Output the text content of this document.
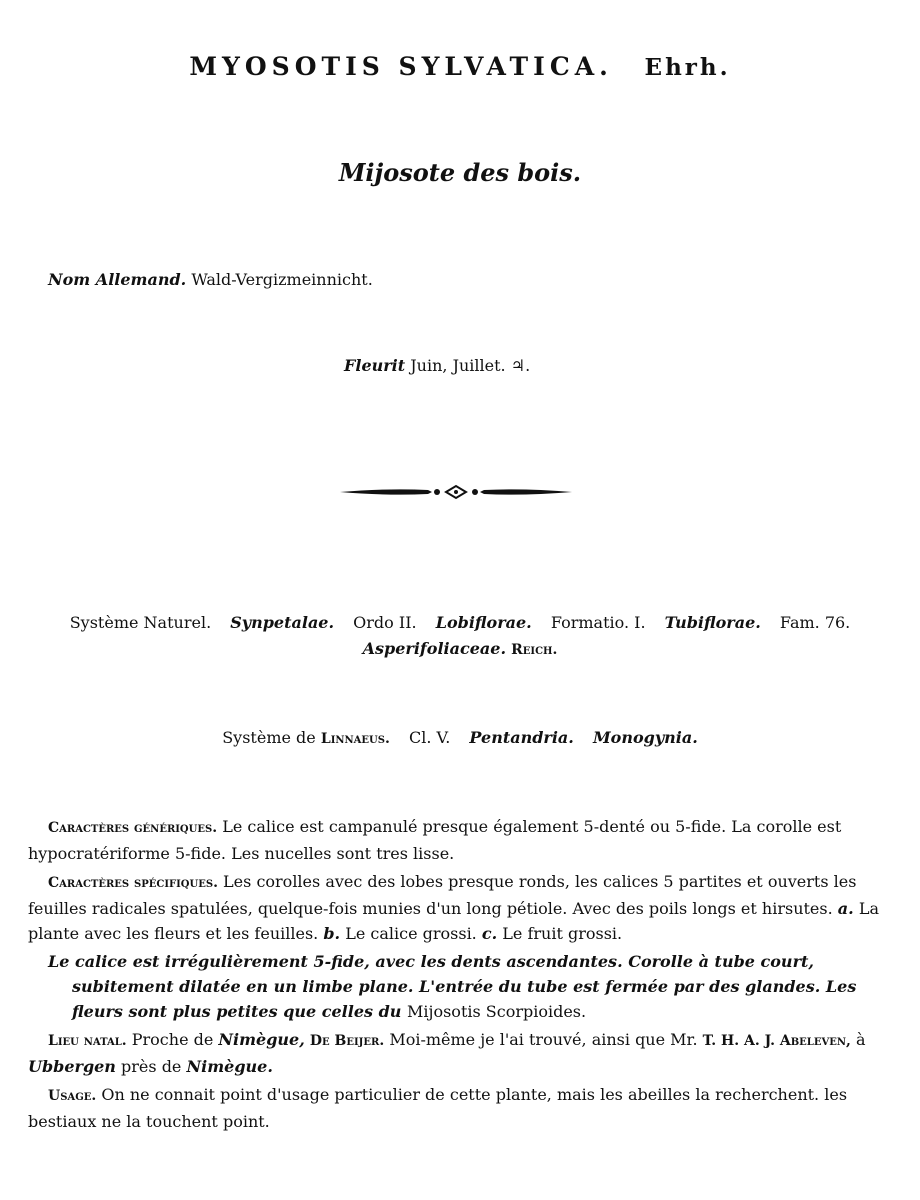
MYOSOTIS SYLVATICA. Ehrh.
Mijosote des bois.
Nom Allemand. Wald-Vergizmeinnicht.
Fleurit Juin, Juillet. ♃.
Système Naturel. Synpetalae. Ordo II. Lobiflorae. Formatio. I. Tubiflorae. Fam. 76.
Asperifoliaceae. Reich.
Système de Linnaeus. Cl. V. Pentandria. Monogynia.

Caractères génériques. Le calice est campanulé presque également 5-denté ou 5-fide. La corolle est hypocratériforme 5-fide. Les nucelles sont tres lisse.

Caractères spécifiques. Les corolles avec des lobes presque ronds, les calices 5 partites et ouverts les feuilles radicales spatulées, quelque-fois munies d'un long pétiole. Avec des poils longs et hirsutes. a. La plante avec les fleurs et les feuilles. b. Le calice grossi. c. Le fruit grossi.

Le calice est irrégulièrement 5-fide, avec les dents ascendantes. Corolle à tube court, subitement dilatée en un limbe plane. L'entrée du tube est fermée par des glandes. Les fleurs sont plus petites que celles du Mijosotis Scorpioides.

Lieu natal. Proche de Nimègue, De Beijer. Moi-même je l'ai trouvé, ainsi que Mr. T. H. A. J. Abeleven, à Ubbergen près de Nimègue.

Usage. On ne connait point d'usage particulier de cette plante, mais les abeilles la recherchent. les bestiaux ne la touchent point.
